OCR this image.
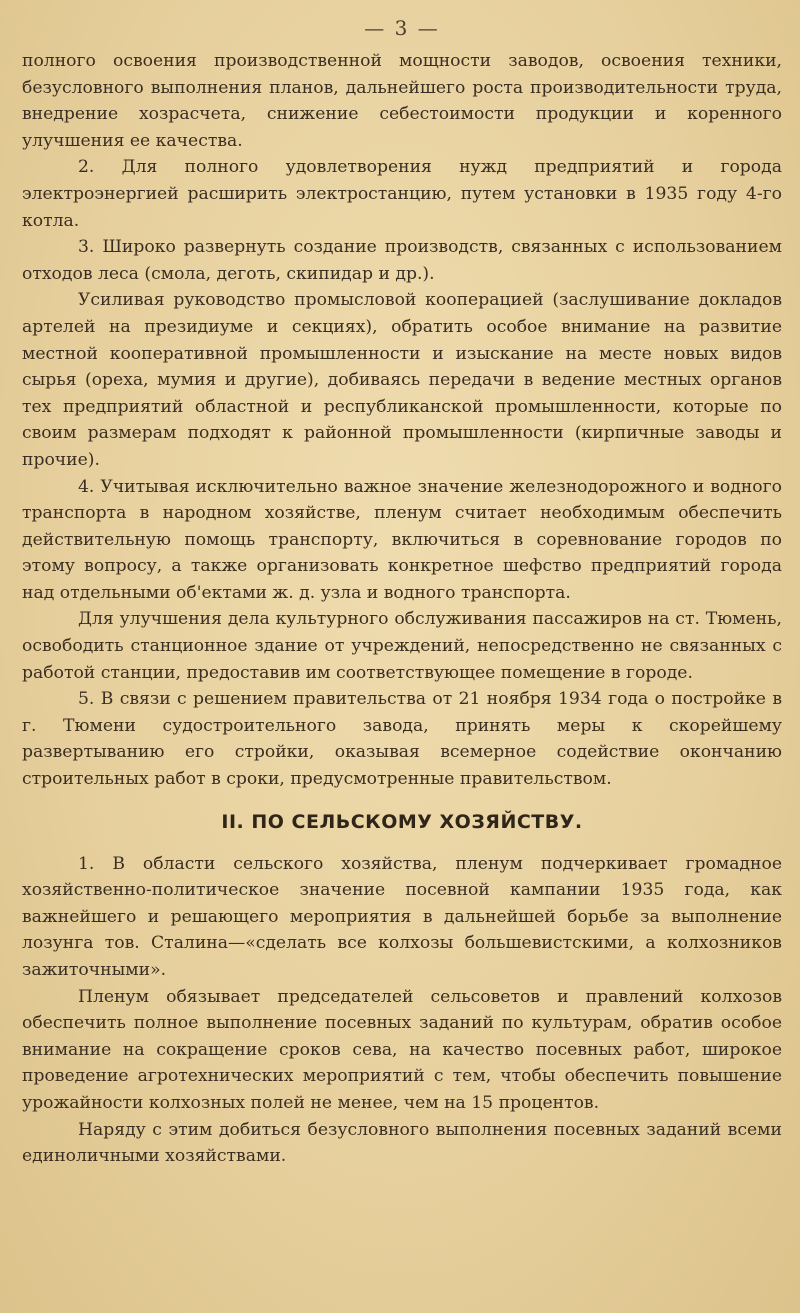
— 3 —

полного освоения производственной мощности заводов, освоения техники, безусловного выполнения планов, дальнейшего роста производительности труда, внедрение хозрасчета, снижение себестоимости продукции и коренного улучшения ее качества.

2. Для полного удовлетворения нужд предприятий и города электроэнергией расширить электростанцию, путем установки в 1935 году 4-го котла.

3. Широко развернуть создание производств, связанных с использованием отходов леса (смола, деготь, скипидар и др.).

Усиливая руководство промысловой кооперацией (заслушивание докладов артелей на президиуме и секциях), обратить особое внимание на развитие местной кооперативной промышленности и изыскание на месте новых видов сырья (ореха, мумия и другие), добиваясь передачи в ведение местных органов тех предприятий областной и республиканской промышленности, которые по своим размерам подходят к районной промышленности (кирпичные заводы и прочие).

4. Учитывая исключительно важное значение железнодорожного и водного транспорта в народном хозяйстве, пленум считает необходимым обеспечить действительную помощь транспорту, включиться в соревнование городов по этому вопросу, а также организовать конкретное шефство предприятий города над отдельными об'ектами ж. д. узла и водного транспорта.

Для улучшения дела культурного обслуживания пассажиров на ст. Тюмень, освободить станционное здание от учреждений, непосредственно не связанных с работой станции, предоставив им соответствующее помещение в городе.

5. В связи с решением правительства от 21 ноября 1934 года о постройке в г. Тюмени судостроительного завода, принять меры к скорейшему развертыванию его стройки, оказывая всемерное содействие окончанию строительных работ в сроки, предусмотренные правительством.

II. ПО СЕЛЬСКОМУ ХОЗЯЙСТВУ.

1. В области сельского хозяйства, пленум подчеркивает громадное хозяйственно-политическое значение посевной кампании 1935 года, как важнейшего и решающего мероприятия в дальнейшей борьбе за выполнение лозунга тов. Сталина—«сделать все колхозы большевистскими, а колхозников зажиточными».

Пленум обязывает председателей сельсоветов и правлений колхозов обеспечить полное выполнение посевных заданий по культурам, обратив особое внимание на сокращение сроков сева, на качество посевных работ, широкое проведение агротехнических мероприятий с тем, чтобы обеспечить повышение урожайности колхозных полей не менее, чем на 15 процентов.

Наряду с этим добиться безусловного выполнения посевных заданий всеми единоличными хозяйствами.
